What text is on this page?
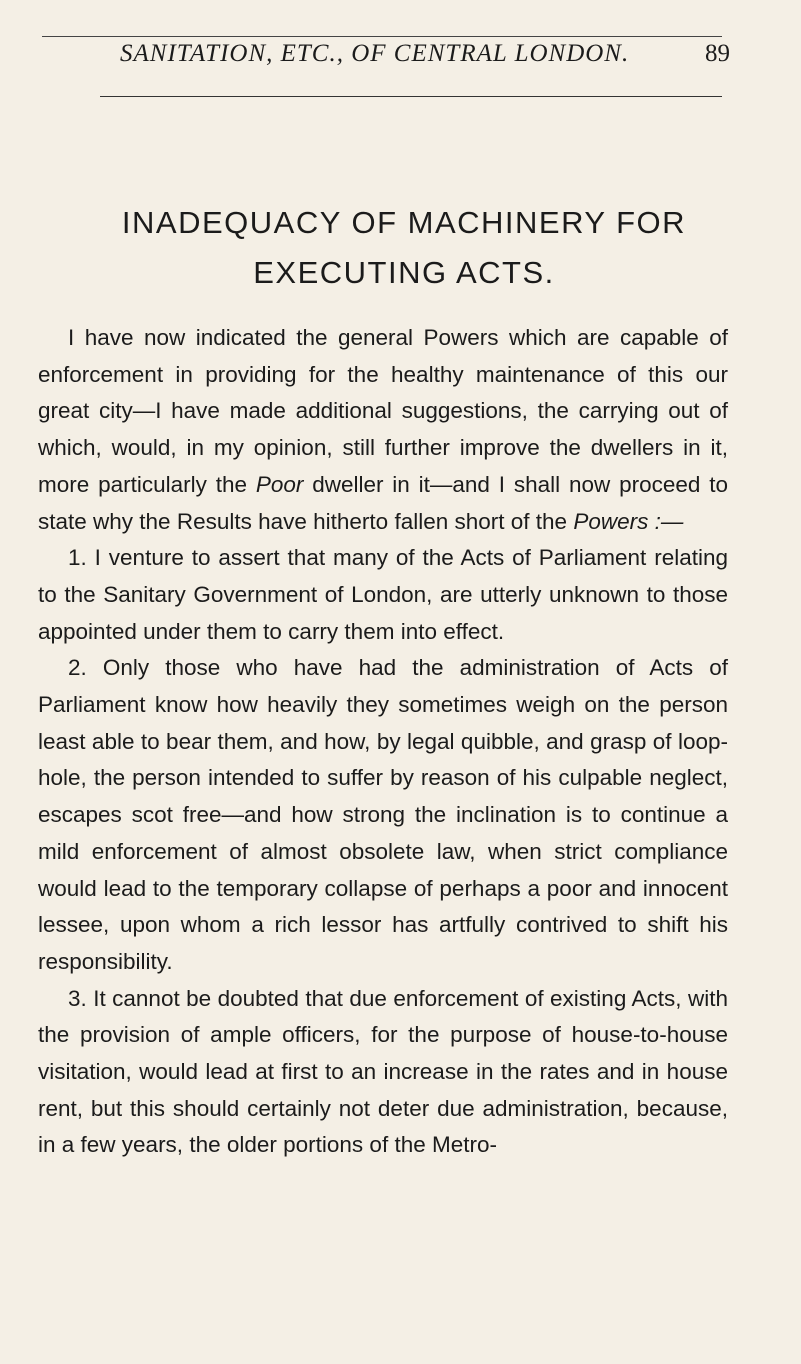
SANITATION, ETC., OF CENTRAL LONDON.	89
INADEQUACY OF MACHINERY FOR
EXECUTING ACTS.

I have now indicated the general Powers which are capable of enforcement in providing for the healthy maintenance of this our great city—I have made additional suggestions, the carrying out of which, would, in my opinion, still further improve the dwellers in it, more particularly the Poor dweller in it—and I shall now proceed to state why the Results have hitherto fallen short of the Powers :—

1. I venture to assert that many of the Acts of Parliament relating to the Sanitary Government of London, are utterly unknown to those appointed under them to carry them into effect.

2. Only those who have had the administration of Acts of Parliament know how heavily they sometimes weigh on the person least able to bear them, and how, by legal quibble, and grasp of loop-hole, the person intended to suffer by reason of his culpable neglect, escapes scot free—and how strong the inclination is to continue a mild enforcement of almost obsolete law, when strict compliance would lead to the temporary collapse of perhaps a poor and innocent lessee, upon whom a rich lessor has artfully contrived to shift his responsibility.

3. It cannot be doubted that due enforcement of existing Acts, with the provision of ample officers, for the purpose of house-to-house visitation, would lead at first to an increase in the rates and in house rent, but this should certainly not deter due administration, because, in a few years, the older portions of the Metro-
